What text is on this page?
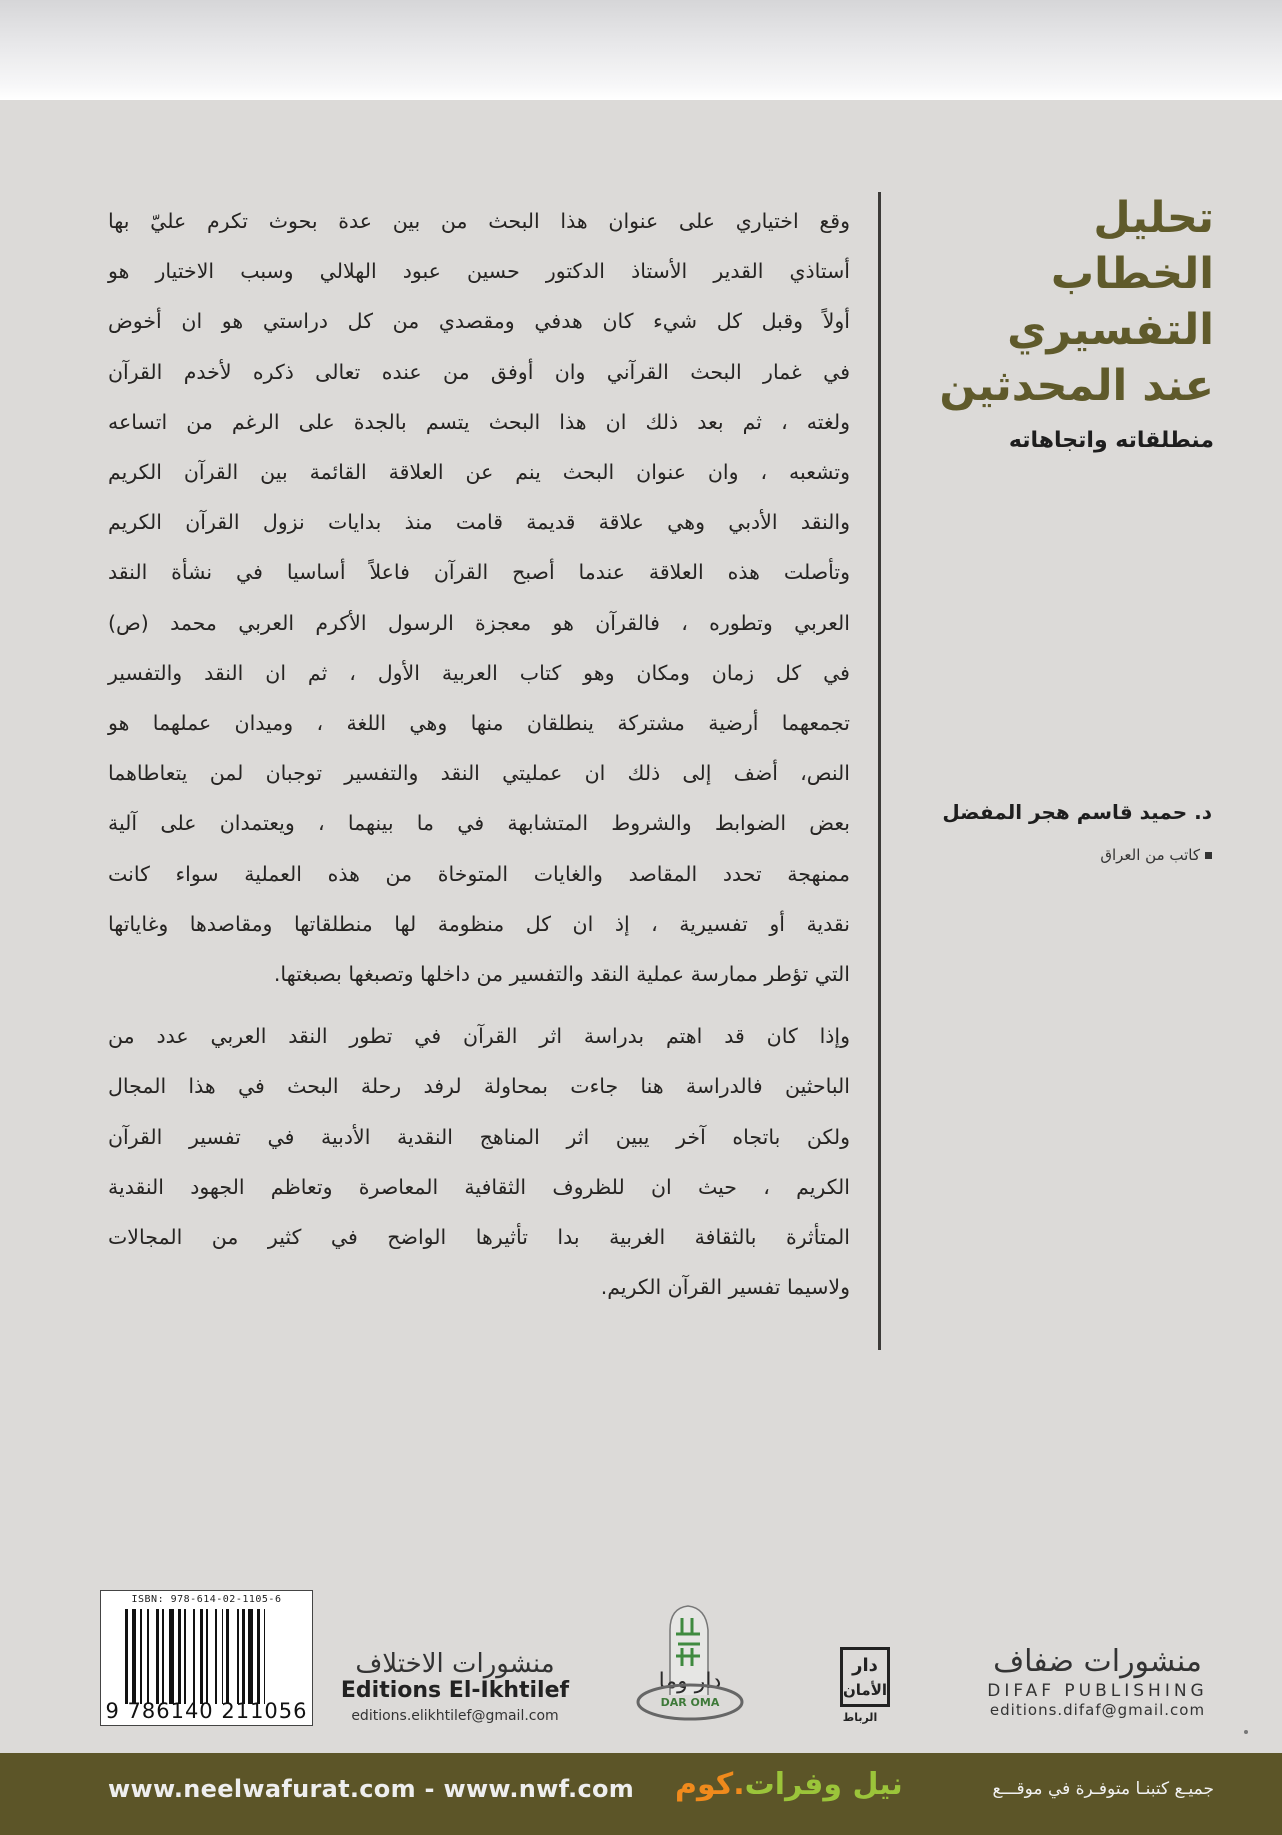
تحليل
الخطاب التفسيري
عند المحدثين
منطلقاته واتجاهاته
د. حميد قاسم هجر المفضل
كاتب من العراق
وقع اختياري على عنوان هذا البحث من بين عدة بحوث تكرم عليّ بها
أستاذي القدير الأستاذ الدكتور حسين عبود الهلالي وسبب الاختيار هو
أولاً وقبل كل شيء كان هدفي ومقصدي من كل دراستي هو ان أخوض
في غمار البحث القرآني وان أوفق من عنده تعالى ذكره لأخدم القرآن
ولغته ، ثم بعد ذلك ان هذا البحث يتسم بالجدة على الرغم من اتساعه
وتشعبه ، وان عنوان البحث ينم عن العلاقة القائمة بين القرآن الكريم
والنقد الأدبي وهي علاقة قديمة قامت منذ بدايات نزول القرآن الكريم
وتأصلت هذه العلاقة عندما أصبح القرآن فاعلاً أساسيا في نشأة النقد
العربي وتطوره ، فالقرآن هو معجزة الرسول الأكرم العربي محمد (ص)
في كل زمان ومكان وهو كتاب العربية الأول ، ثم ان النقد والتفسير
تجمعهما أرضية مشتركة ينطلقان منها وهي اللغة ، وميدان عملهما هو
النص، أضف إلى ذلك ان عمليتي النقد والتفسير توجبان لمن يتعاطاهما
بعض الضوابط والشروط المتشابهة في ما بينهما ، ويعتمدان على آلية
ممنهجة تحدد المقاصد والغايات المتوخاة من هذه العملية سواء كانت
نقدية أو تفسيرية ، إذ ان كل منظومة لها منطلقاتها ومقاصدها وغاياتها
التي تؤطر ممارسة عملية النقد والتفسير من داخلها وتصبغها بصبغتها.
وإذا كان قد اهتم بدراسة اثر القرآن في تطور النقد العربي عدد من
الباحثين فالدراسة هنا جاءت بمحاولة لرفد رحلة البحث في هذا المجال
ولكن باتجاه آخر يبين اثر المناهج النقدية الأدبية في تفسير القرآن
الكريم ، حيث ان للظروف الثقافية المعاصرة وتعاظم الجهود النقدية
المتأثرة بالثقافة الغربية بدا تأثيرها الواضح في كثير من المجالات
ولاسيما تفسير القرآن الكريم.
ISBN: 978-614-02-1105-6
9 786140 211056
منشورات الاختلاف
Editions El-Ikhtilef
editions.elikhtilef@gmail.com
دار وما
DAR OMA
دار
الأمان
الرباط
منشورات ضفاف
DIFAF PUBLISHING
editions.difaf@gmail.com
www.neelwafurat.com - www.nwf.com	نيل وفرات.كوم	جميـع كتبنـا متوفـرة في موقـــع
